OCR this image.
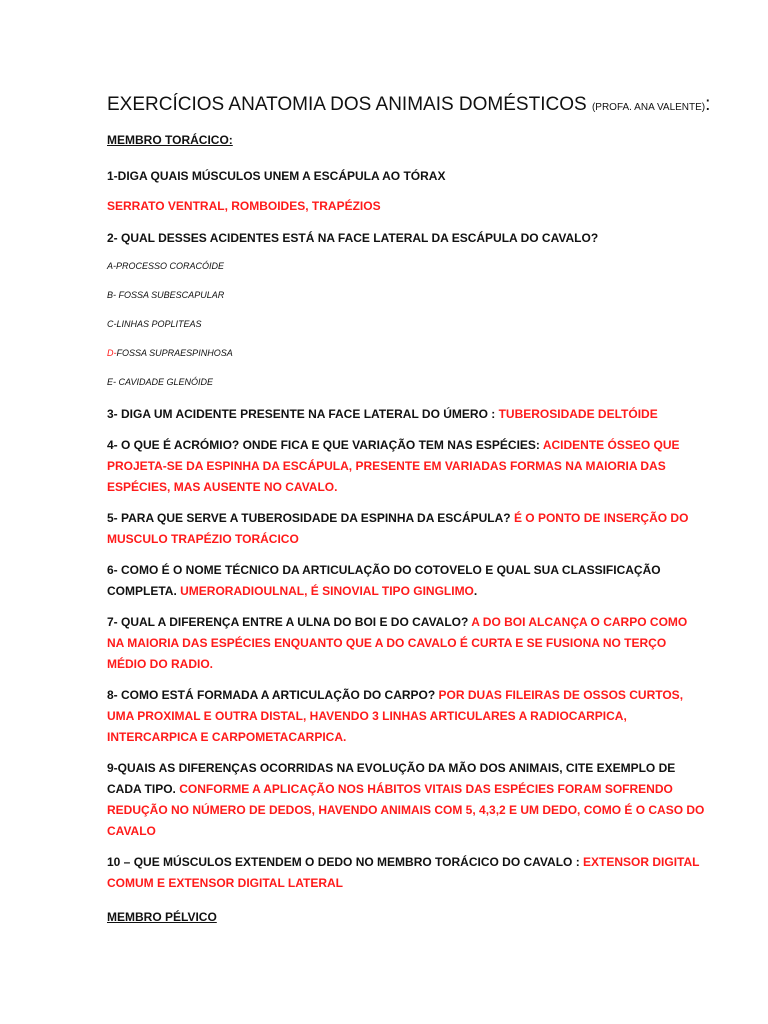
EXERCÍCIOS ANATOMIA DOS ANIMAIS DOMÉSTICOS (PROFA. ANA VALENTE):
MEMBRO TORÁCICO:
1-DIGA QUAIS MÚSCULOS UNEM A ESCÁPULA AO TÓRAX
SERRATO VENTRAL, ROMBOIDES, TRAPÉZIOS
2- QUAL DESSES ACIDENTES ESTÁ NA FACE LATERAL DA ESCÁPULA DO CAVALO?
A-PROCESSO CORACÓIDE
B- FOSSA SUBESCAPULAR
C-LINHAS POPLITEAS
D-FOSSA SUPRAESPINHOSA
E- CAVIDADE GLENÓIDE
3- DIGA UM ACIDENTE PRESENTE NA FACE LATERAL DO ÚMERO : TUBEROSIDADE DELTÓIDE
4- O QUE É ACRÓMIO? ONDE FICA E QUE VARIAÇÃO TEM NAS ESPÉCIES: ACIDENTE ÓSSEO QUE PROJETA-SE DA ESPINHA DA ESCÁPULA, PRESENTE EM VARIADAS FORMAS NA MAIORIA DAS ESPÉCIES, MAS AUSENTE NO CAVALO.
5- PARA QUE SERVE A TUBEROSIDADE DA ESPINHA DA ESCÁPULA? É O PONTO DE INSERÇÃO DO MUSCULO TRAPÉZIO TORÁCICO
6- COMO É O NOME TÉCNICO DA ARTICULAÇÃO DO COTOVELO E QUAL SUA CLASSIFICAÇÃO COMPLETA. UMERORADIOULNAL, É SINOVIAL TIPO GINGLIMO.
7- QUAL A DIFERENÇA ENTRE A ULNA DO BOI E DO CAVALO? A DO BOI ALCANÇA O CARPO COMO NA MAIORIA DAS ESPÉCIES ENQUANTO QUE A DO CAVALO É CURTA E SE FUSIONA NO TERÇO MÉDIO DO RADIO.
8- COMO ESTÁ FORMADA A ARTICULAÇÃO DO CARPO? POR DUAS FILEIRAS DE OSSOS CURTOS, UMA PROXIMAL E OUTRA DISTAL, HAVENDO 3 LINHAS ARTICULARES A RADIOCARPICA, INTERCARPICA E CARPOMETACARPICA.
9-QUAIS AS DIFERENÇAS OCORRIDAS NA EVOLUÇÃO DA MÃO DOS ANIMAIS, CITE EXEMPLO DE CADA TIPO. CONFORME A APLICAÇÃO NOS HÁBITOS VITAIS DAS ESPÉCIES FORAM SOFRENDO REDUÇÃO NO NÚMERO DE DEDOS, HAVENDO ANIMAIS COM 5, 4,3,2 E UM DEDO, COMO É O CASO DO CAVALO
10 – QUE MÚSCULOS EXTENDEM O DEDO NO MEMBRO TORÁCICO DO CAVALO : EXTENSOR DIGITAL COMUM E EXTENSOR DIGITAL LATERAL
MEMBRO PÉLVICO
